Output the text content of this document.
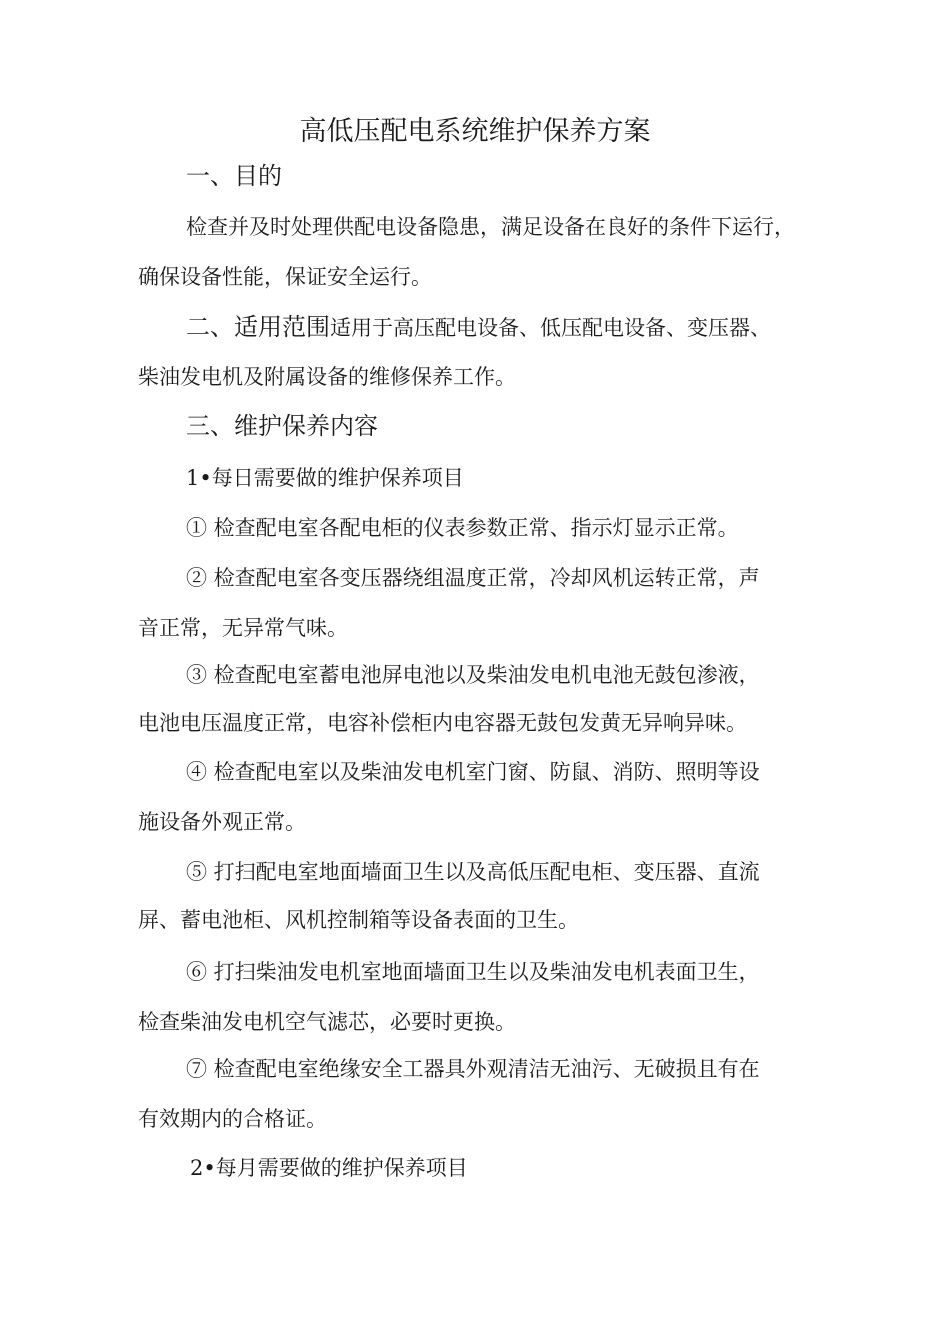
高低压配电系统维护保养方案
一、目的
检查并及时处理供配电设备隐患，满足设备在良好的条件下运行，
确保设备性能，保证安全运行。
二、适用范围适用于高压配电设备、低压配电设备、变压器、
柴油发电机及附属设备的维修保养工作。
三、维护保养内容
1•每日需要做的维护保养项目
① 检查配电室各配电柜的仪表参数正常、指示灯显示正常。
② 检查配电室各变压器绕组温度正常，冷却风机运转正常，声
音正常，无异常气味。
③ 检查配电室蓄电池屏电池以及柴油发电机电池无鼓包渗液，
电池电压温度正常，电容补偿柜内电容器无鼓包发黄无异响异味。
④ 检查配电室以及柴油发电机室门窗、防鼠、消防、照明等设
施设备外观正常。
⑤ 打扫配电室地面墙面卫生以及高低压配电柜、变压器、直流
屏、蓄电池柜、风机控制箱等设备表面的卫生。
⑥ 打扫柴油发电机室地面墙面卫生以及柴油发电机表面卫生，
检查柴油发电机空气滤芯，必要时更换。
⑦ 检查配电室绝缘安全工器具外观清洁无油污、无破损且有在
有效期内的合格证。
2•每月需要做的维护保养项目
